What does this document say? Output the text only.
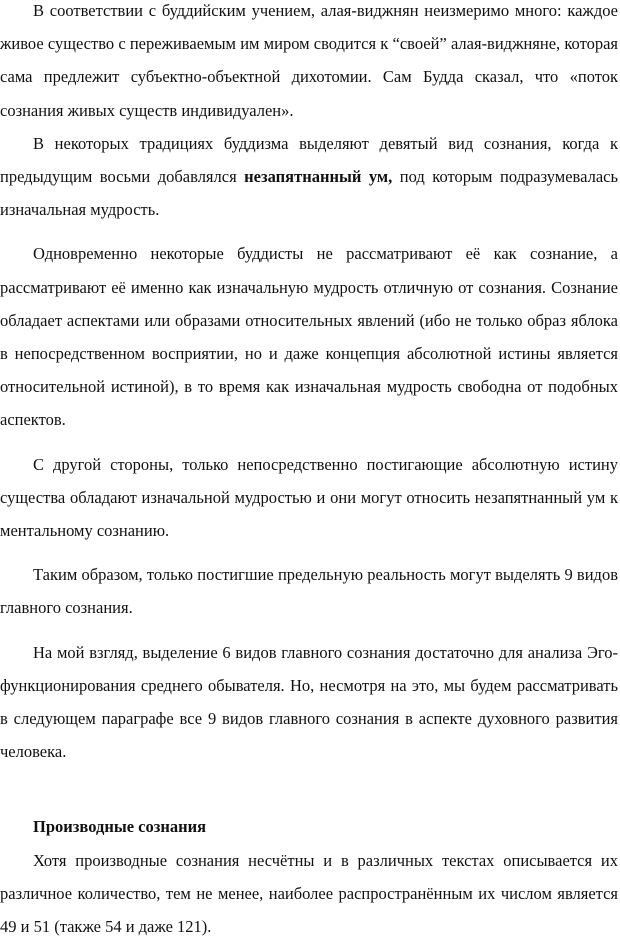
В соответствии с буддийским учением, алая-виджнян неизмеримо много: каждое живое существо с переживаемым им миром сводится к “своей” алая-виджняне, которая сама предлежит субъектно-объектной дихотомии. Сам Будда сказал, что «поток сознания живых существ индивидуален».

В некоторых традициях буддизма выделяют девятый вид сознания, когда к предыдущим восьми добавлялся незапятнанный ум, под которым подразумевалась изначальная мудрость.

Одновременно некоторые буддисты не рассматривают её как сознание, а рассматривают её именно как изначальную мудрость отличную от сознания. Сознание обладает аспектами или образами относительных явлений (ибо не только образ яблока в непосредственном восприятии, но и даже концепция абсолютной истины является относительной истиной), в то время как изначальная мудрость свободна от подобных аспектов.

С другой стороны, только непосредственно постигающие абсолютную истину существа обладают изначальной мудростью и они могут относить незапятнанный ум к ментальному сознанию.

Таким образом, только постигшие предельную реальность могут выделять 9 видов главного сознания.

На мой взгляд, выделение 6 видов главного сознания достаточно для анализа Эго-функционирования среднего обывателя. Но, несмотря на это, мы будем рассматривать в следующем параграфе все 9 видов главного сознания в аспекте духовного развития человека.

Производные сознания

Хотя производные сознания несчётны и в различных текстах описывается их различное количество, тем не менее, наиболее распространённым их числом является 49 и 51 (также 54 и даже 121).
